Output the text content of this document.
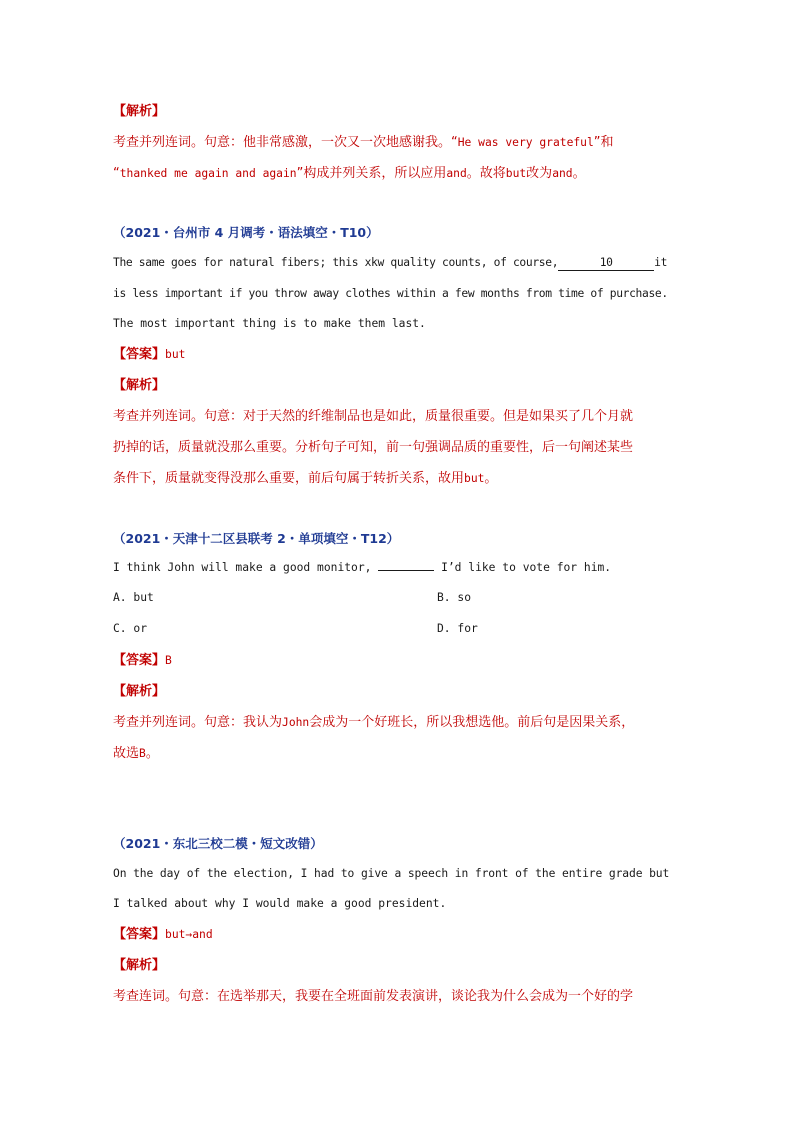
【解析】
考查并列连词。句意：他非常感激，一次又一次地感谢我。“He was very grateful”和
“thanked me again and again”构成并列关系，所以应用and。故将but改为and。
（2021・台州市 4 月调考・语法填空・T10）
The same goes for natural fibers; this xkw quality counts, of course,	10	it
is less important if you throw away clothes within a few months from time of purchase.
The most important thing is to make them last.
【答案】but
【解析】
考查并列连词。句意：对于天然的纤维制品也是如此，质量很重要。但是如果买了几个月就
扔掉的话，质量就没那么重要。分析句子可知，前一句强调品质的重要性，后一句阐述某些
条件下，质量就变得没那么重要，前后句属于转折关系，故用but。
（2021・天津十二区县联考 2・单项填空・T12）
I think John will make a good monitor,	I’d like to vote for him.
A. but	B. so
C. or	D. for
【答案】B
【解析】
考查并列连词。句意：我认为John会成为一个好班长，所以我想选他。前后句是因果关系，
故选B。
（2021・东北三校二模・短文改错）
On the day of the election, I had to give a speech in front of the entire grade but
I talked about why I would make a good president.
【答案】but→and
【解析】
考查连词。句意：在选举那天，我要在全班面前发表演讲，谈论我为什么会成为一个好的学
